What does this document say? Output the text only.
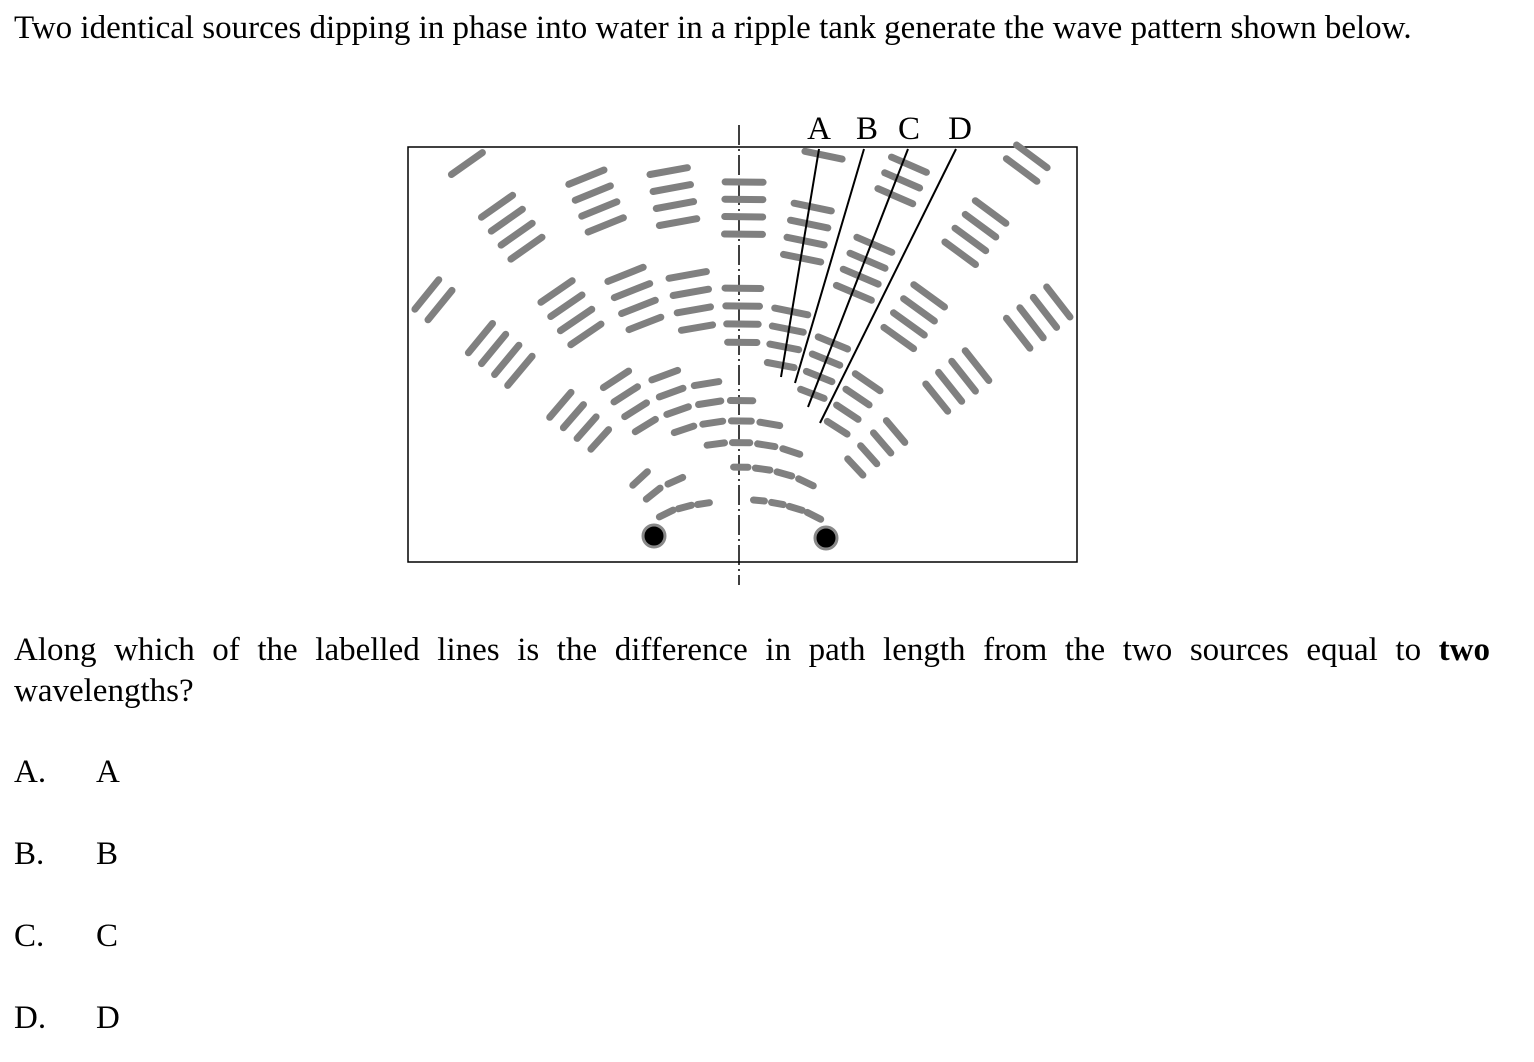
Two identical sources dipping in phase into water in a ripple tank generate the wave pattern shown below.
A B C D
Along which of the labelled lines is the difference in path length from the two sources equal to two wavelengths?
A. A
B. B
C. C
D. D
